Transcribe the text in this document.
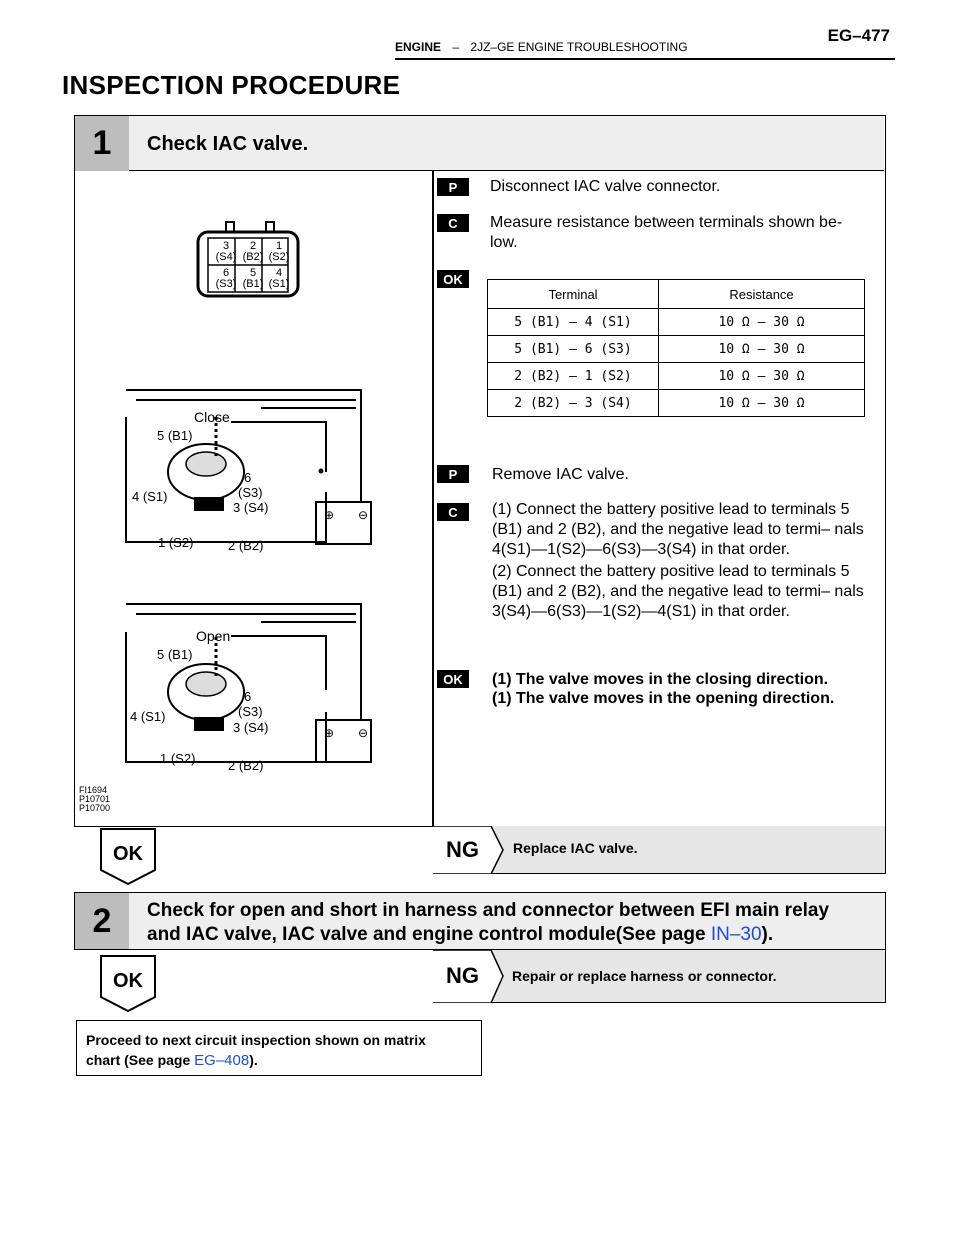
ENGINE – 2JZ–GE ENGINE TROUBLESHOOTING
EG–477
INSPECTION PROCEDURE
1	Check IAC valve.
P	Disconnect IAC valve connector.
C	Measure resistance between terminals shown be- low.
OK
Terminal	Resistance
5 (B1) — 4 (S1)	10 Ω — 30 Ω
5 (B1) — 6 (S3)	10 Ω — 30 Ω
2 (B2) — 1 (S2)	10 Ω — 30 Ω
2 (B2) — 3 (S4)	10 Ω — 30 Ω
P	Remove IAC valve.
C	(1) Connect the battery positive lead to terminals 5 (B1) and 2 (B2), and the negative lead to termi– nals 4(S1)—1(S2)—6(S3)—3(S4) in that order.
(2) Connect the battery positive lead to terminals 5 (B1) and 2 (B2), and the negative lead to termi– nals 3(S4)—6(S3)—1(S2)—4(S1) in that order.
OK	(1) The valve moves in the closing direction.
(1) The valve moves in the opening direction.
⊕ ⊖
⊕ ⊖
3 (S4)
2 (B2)
1 (S2)
6 (S3)
5 (B1)
4 (S1)
Close
5 (B1)
6
(S3)
3 (S4)
4 (S1)
1 (S2)	2 (B2)
Open
5 (B1)
6
(S3)
3 (S4)
4 (S1)
1 (S2)	2 (B2)
FI1694
P10701
P10700
OK	NG Replace IAC valve.
2	Check for open and short in harness and connector between EFI main relay
and IAC valve, IAC valve and engine control module(See page IN–30).
OK	NG Repair or replace harness or connector.
Proceed to next circuit inspection shown on matrix
chart (See page EG–408).
